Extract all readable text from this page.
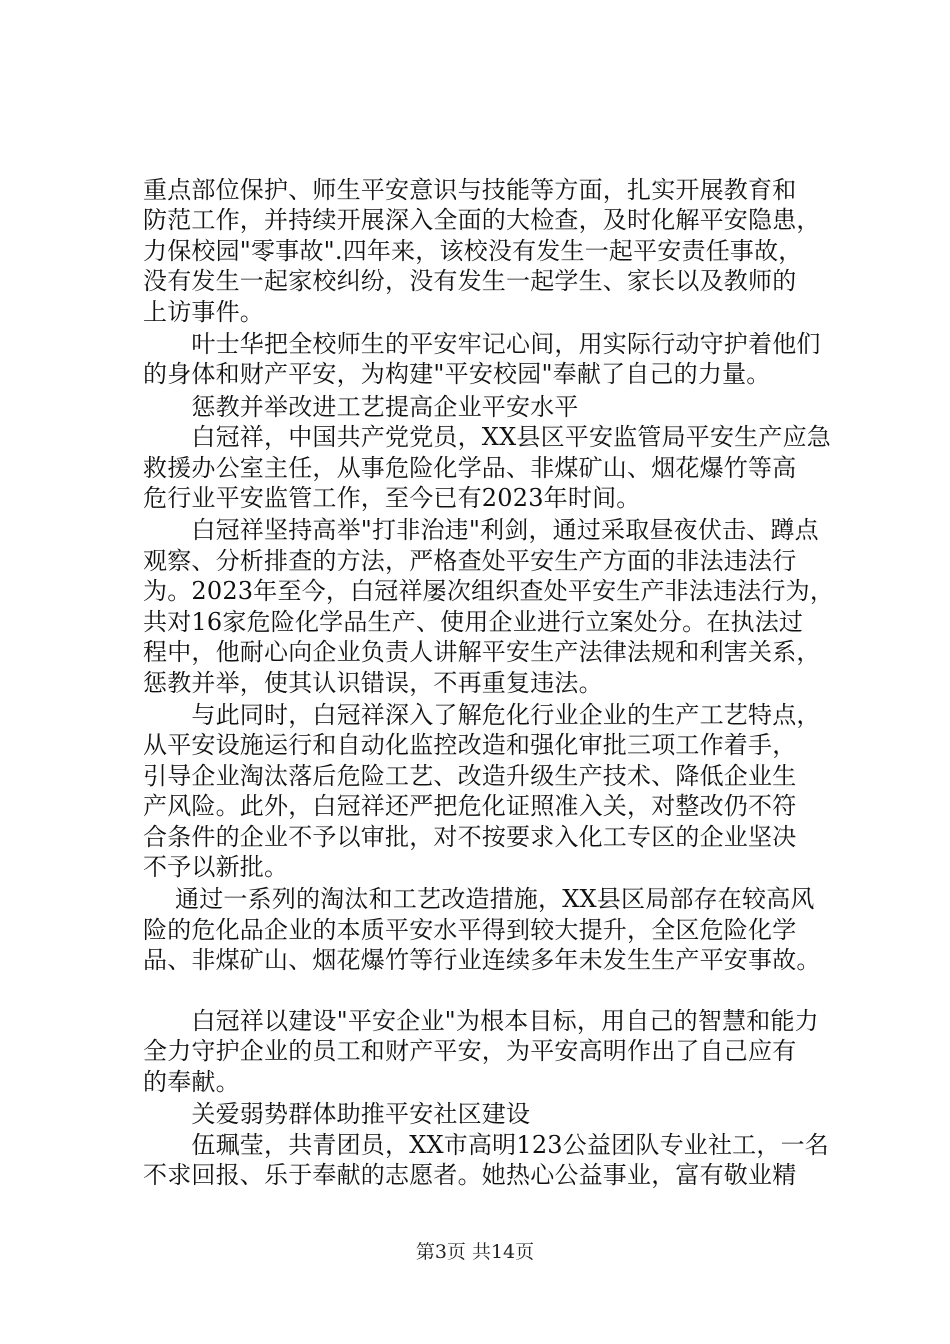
重点部位保护、师生平安意识与技能等方面，扎实开展教育和
防范工作，并持续开展深入全面的大检查，及时化解平安隐患，
力保校园"零事故".四年来，该校没有发生一起平安责任事故，
没有发生一起家校纠纷，没有发生一起学生、家长以及教师的
上访事件。
　　叶士华把全校师生的平安牢记心间，用实际行动守护着他们
的身体和财产平安，为构建"平安校园"奉献了自己的力量。
　　惩教并举改进工艺提高企业平安水平
　　白冠祥，中国共产党党员，XX县区平安监管局平安生产应急
救援办公室主任，从事危险化学品、非煤矿山、烟花爆竹等高
危行业平安监管工作，至今已有2023年时间。
　　白冠祥坚持高举"打非治违"利剑，通过采取昼夜伏击、蹲点
观察、分析排查的方法，严格查处平安生产方面的非法违法行
为。2023年至今，白冠祥屡次组织查处平安生产非法违法行为，
共对16家危险化学品生产、使用企业进行立案处分。在执法过
程中，他耐心向企业负责人讲解平安生产法律法规和利害关系，
惩教并举，使其认识错误，不再重复违法。
　　与此同时，白冠祥深入了解危化行业企业的生产工艺特点，
从平安设施运行和自动化监控改造和强化审批三项工作着手，
引导企业淘汰落后危险工艺、改造升级生产技术、降低企业生
产风险。此外，白冠祥还严把危化证照准入关，对整改仍不符
合条件的企业不予以审批，对不按要求入化工专区的企业坚决
不予以新批。
　 通过一系列的淘汰和工艺改造措施，XX县区局部存在较高风
险的危化品企业的本质平安水平得到较大提升，全区危险化学
品、非煤矿山、烟花爆竹等行业连续多年未发生生产平安事故。
　　白冠祥以建设"平安企业"为根本目标，用自己的智慧和能力
全力守护企业的员工和财产平安，为平安高明作出了自己应有
的奉献。
　　关爱弱势群体助推平安社区建设
　　伍珮莹，共青团员，XX市高明123公益团队专业社工，一名
不求回报、乐于奉献的志愿者。她热心公益事业，富有敬业精
第3页 共14页
